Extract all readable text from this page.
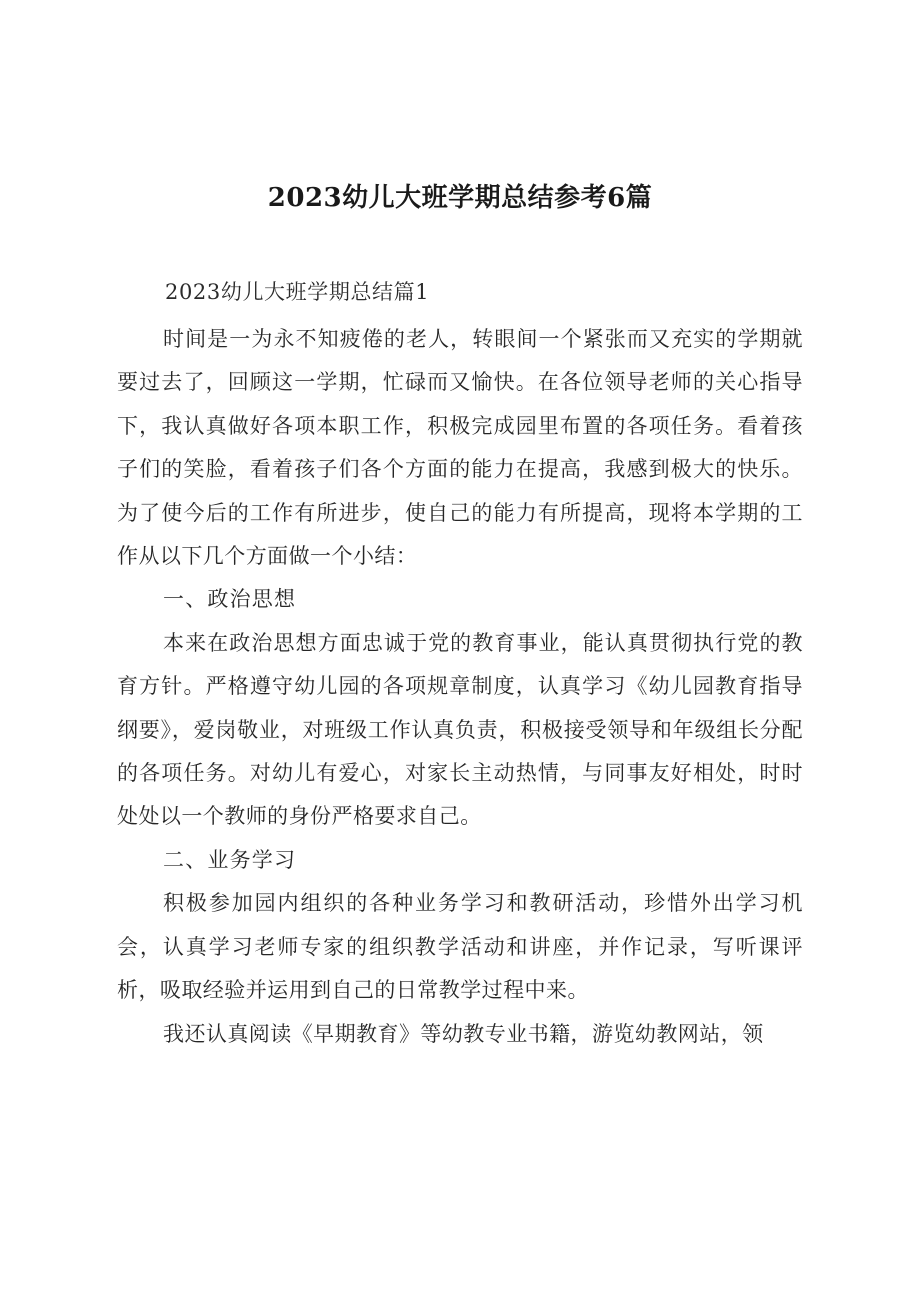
2023幼儿大班学期总结参考6篇

2023幼儿大班学期总结篇1

时间是一为永不知疲倦的老人，转眼间一个紧张而又充实的学期就要过去了，回顾这一学期，忙碌而又愉快。在各位领导老师的关心指导下，我认真做好各项本职工作，积极完成园里布置的各项任务。看着孩子们的笑脸，看着孩子们各个方面的能力在提高，我感到极大的快乐。为了使今后的工作有所进步，使自己的能力有所提高，现将本学期的工作从以下几个方面做一个小结：

一、政治思想

本来在政治思想方面忠诚于党的教育事业，能认真贯彻执行党的教育方针。严格遵守幼儿园的各项规章制度，认真学习《幼儿园教育指导纲要》，爱岗敬业，对班级工作认真负责，积极接受领导和年级组长分配的各项任务。对幼儿有爱心，对家长主动热情，与同事友好相处，时时处处以一个教师的身份严格要求自己。

二、业务学习

积极参加园内组织的各种业务学习和教研活动，珍惜外出学习机会，认真学习老师专家的组织教学活动和讲座，并作记录，写听课评析，吸取经验并运用到自己的日常教学过程中来。

我还认真阅读《早期教育》等幼教专业书籍，游览幼教网站，领
